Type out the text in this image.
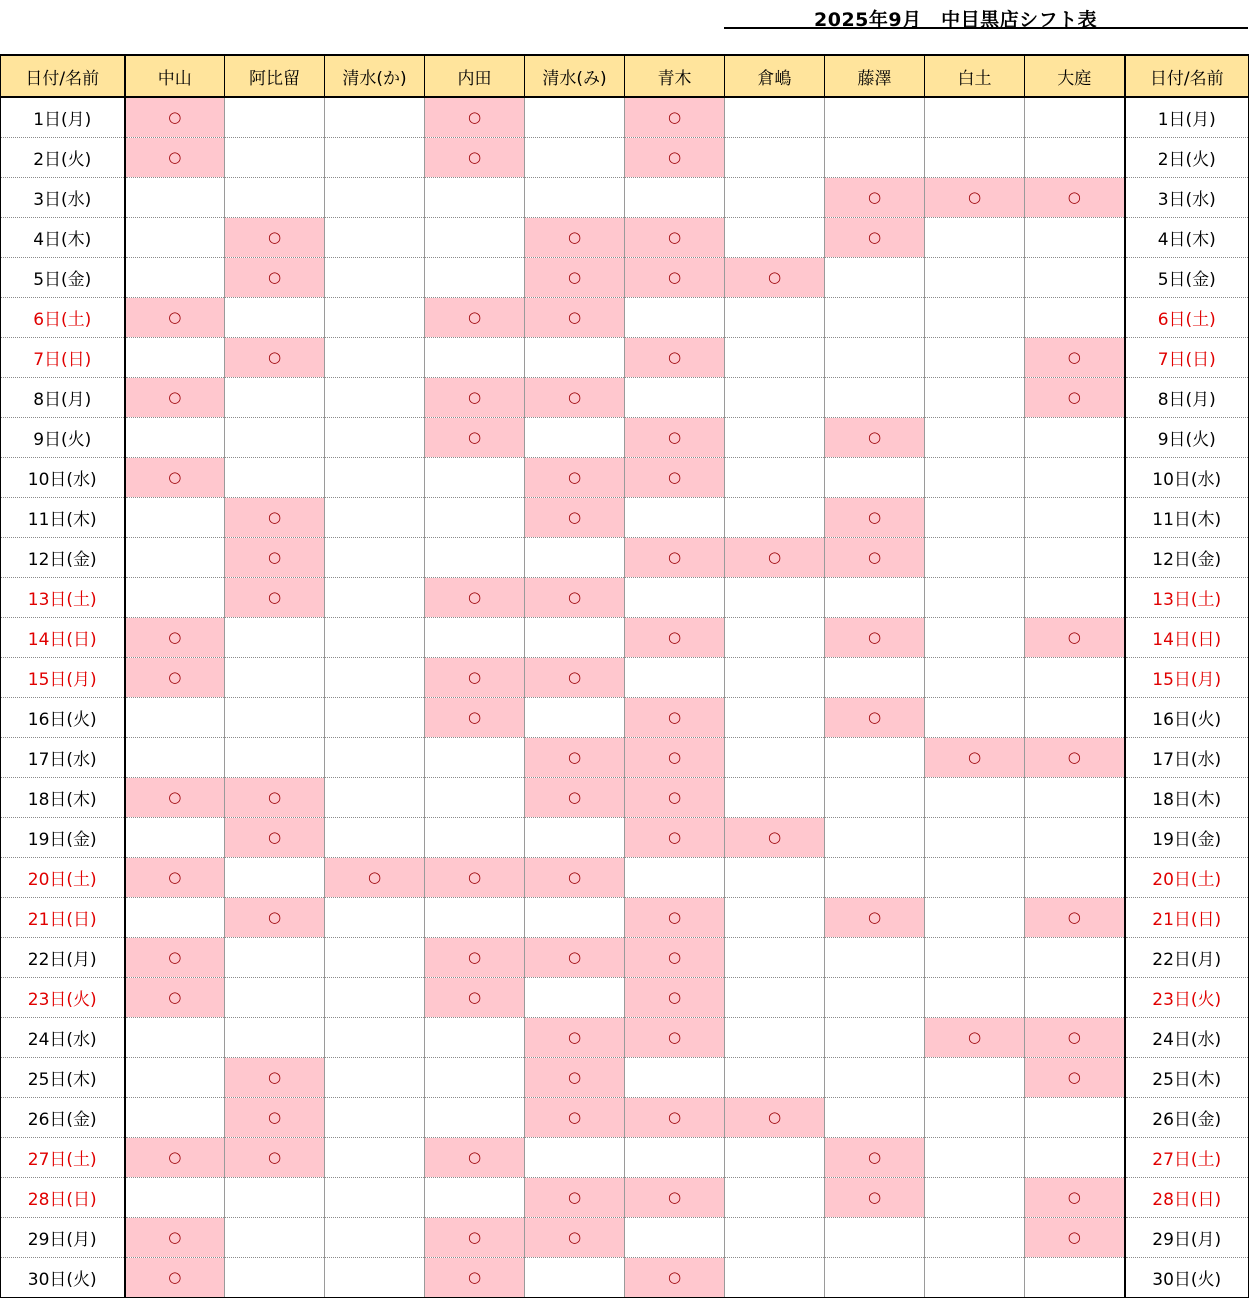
2025年9月　中目黒店シフト表
日付/名前	中山	阿比留	清水(か)	内田	清水(み)	青木	倉嶋	藤澤	白土	大庭	日付/名前
1日(月)	○			○		○					1日(月)
2日(火)	○			○		○					2日(火)
3日(水)								○	○	○	3日(水)
4日(木)		○			○	○		○			4日(木)
5日(金)		○			○	○	○				5日(金)
6日(土)	○			○	○						6日(土)
7日(日)		○				○				○	7日(日)
8日(月)	○			○	○					○	8日(月)
9日(火)				○		○		○			9日(火)
10日(水)	○				○	○					10日(水)
11日(木)		○			○			○			11日(木)
12日(金)		○				○	○	○			12日(金)
13日(土)		○		○	○						13日(土)
14日(日)	○					○		○		○	14日(日)
15日(月)	○			○	○						15日(月)
16日(火)				○		○		○			16日(火)
17日(水)					○	○			○	○	17日(水)
18日(木)	○	○			○	○					18日(木)
19日(金)		○				○	○				19日(金)
20日(土)	○		○	○	○						20日(土)
21日(日)		○				○		○		○	21日(日)
22日(月)	○			○	○	○					22日(月)
23日(火)	○			○		○					23日(火)
24日(水)					○	○			○	○	24日(水)
25日(木)		○			○					○	25日(木)
26日(金)		○			○	○	○				26日(金)
27日(土)	○	○		○				○			27日(土)
28日(日)					○	○		○		○	28日(日)
29日(月)	○			○	○					○	29日(月)
30日(火)	○			○		○					30日(火)
